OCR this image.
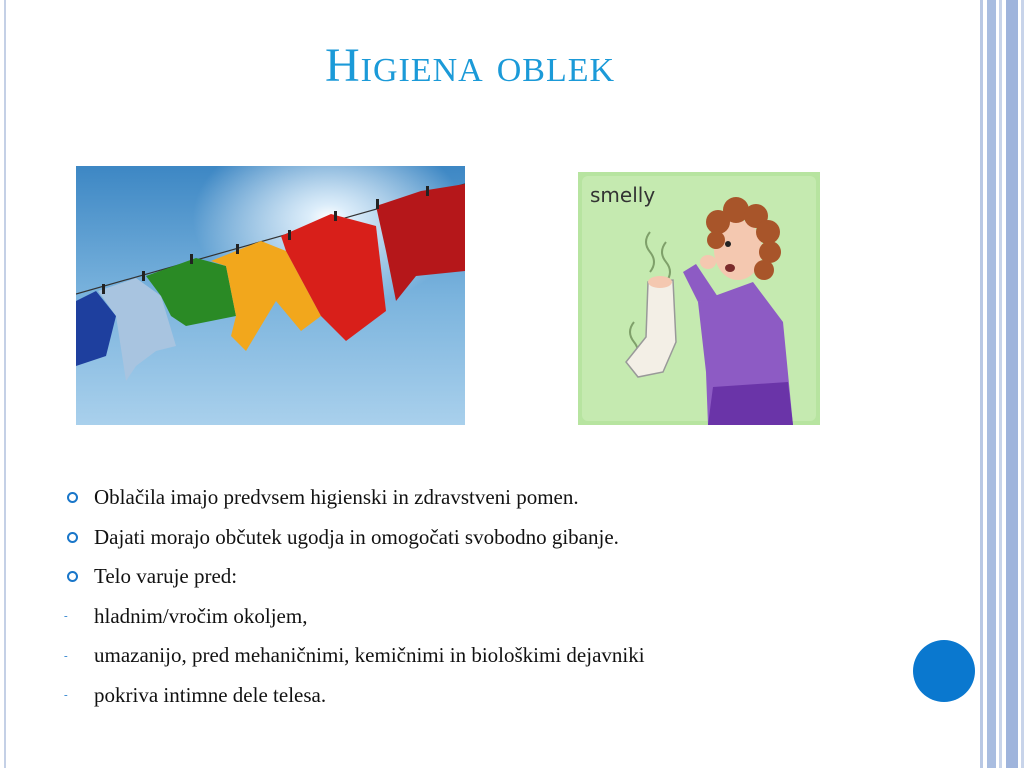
Higiena oblek
smelly
Oblačila imajo predvsem higienski in zdravstveni pomen.
Dajati morajo občutek ugodja in omogočati svobodno gibanje.
Telo varuje pred:
- hladnim/vročim okoljem,
- umazanijo, pred mehaničnimi, kemičnimi in biološkimi dejavniki
- pokriva intimne dele telesa.
